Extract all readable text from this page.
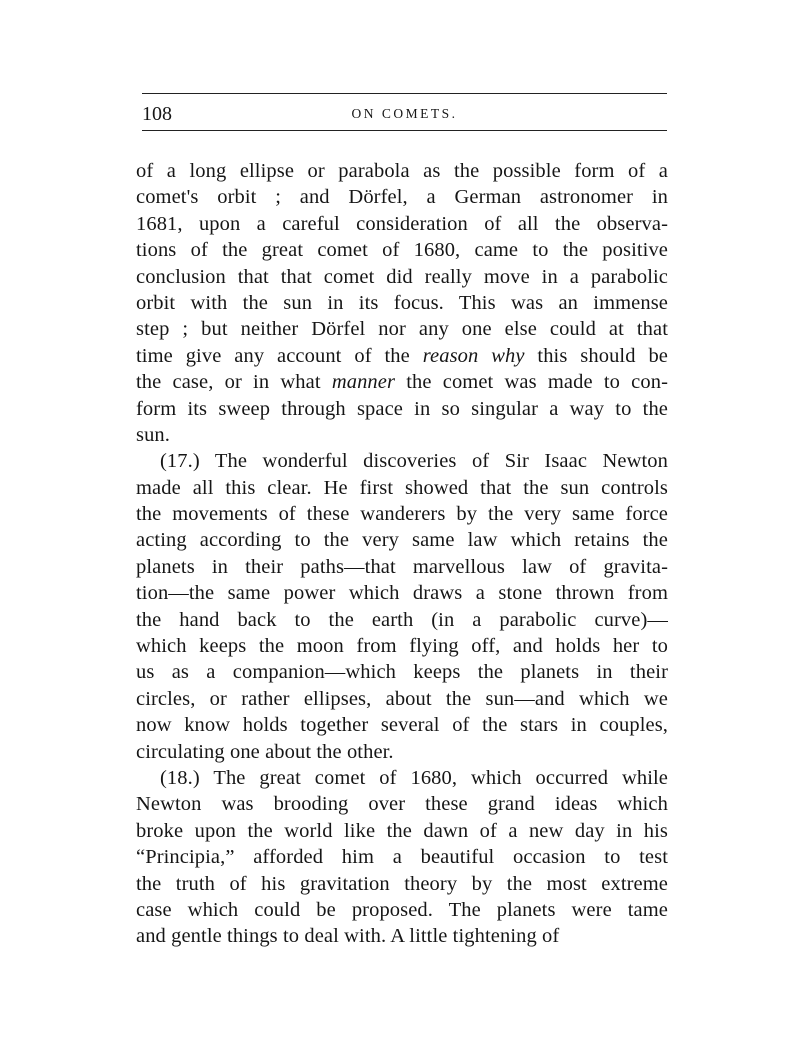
108	ON COMETS.
of a long ellipse or parabola as the possible form of a
comet's orbit ; and Dörfel, a German astronomer in
1681, upon a careful consideration of all the observa-
tions of the great comet of 1680, came to the positive
conclusion that that comet did really move in a parabolic
orbit with the sun in its focus. This was an immense
step ; but neither Dörfel nor any one else could at that
time give any account of the reason why this should be
the case, or in what manner the comet was made to con-
form its sweep through space in so singular a way to the
sun.
(17.) The wonderful discoveries of Sir Isaac Newton
made all this clear. He first showed that the sun controls
the movements of these wanderers by the very same force
acting according to the very same law which retains the
planets in their paths—that marvellous law of gravita-
tion—the same power which draws a stone thrown from
the hand back to the earth (in a parabolic curve)—
which keeps the moon from flying off, and holds her to
us as a companion—which keeps the planets in their
circles, or rather ellipses, about the sun—and which we
now know holds together several of the stars in couples,
circulating one about the other.
(18.) The great comet of 1680, which occurred while
Newton was brooding over these grand ideas which
broke upon the world like the dawn of a new day in his
“Principia,” afforded him a beautiful occasion to test
the truth of his gravitation theory by the most extreme
case which could be proposed. The planets were tame
and gentle things to deal with. A little tightening of
